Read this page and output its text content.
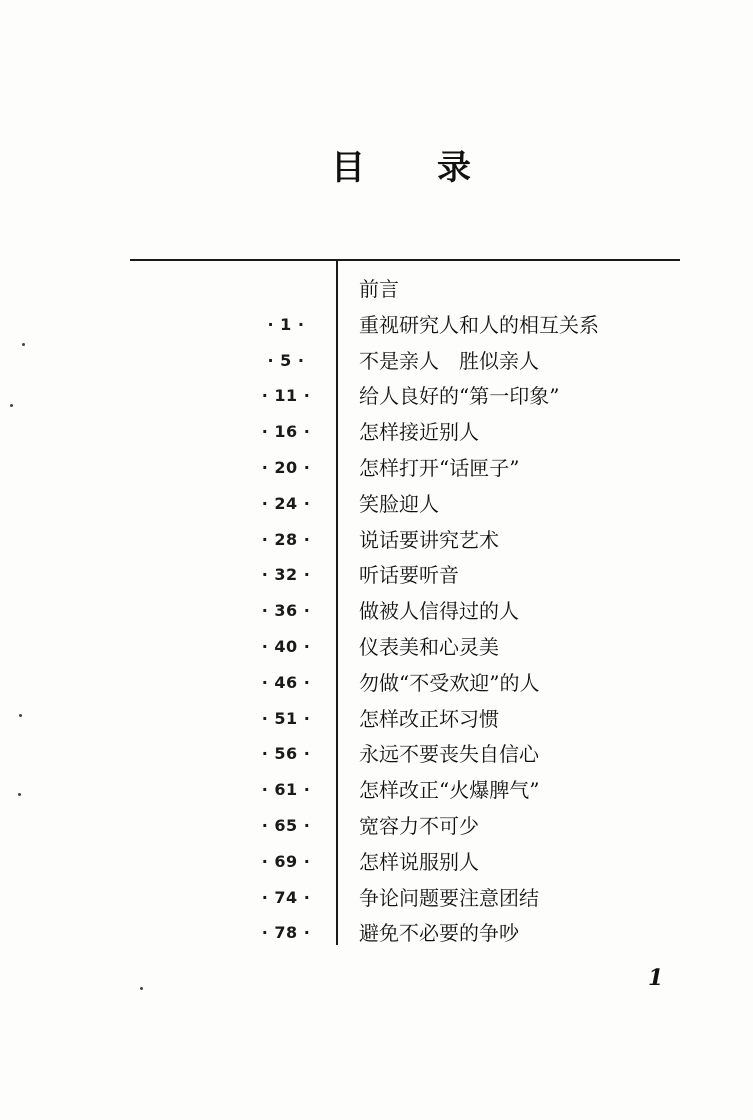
目 录
前言
· 1 ·	重视研究人和人的相互关系
· 5 ·	不是亲人　胜似亲人
· 11 ·	给人良好的“第一印象”
· 16 ·	怎样接近别人
· 20 ·	怎样打开“话匣子”
· 24 ·	笑脸迎人
· 28 ·	说话要讲究艺术
· 32 ·	听话要听音
· 36 ·	做被人信得过的人
· 40 ·	仪表美和心灵美
· 46 ·	勿做“不受欢迎”的人
· 51 ·	怎样改正坏习惯
· 56 ·	永远不要丧失自信心
· 61 ·	怎样改正“火爆脾气”
· 65 ·	宽容力不可少
· 69 ·	怎样说服别人
· 74 ·	争论问题要注意团结
· 78 ·	避免不必要的争吵
1
